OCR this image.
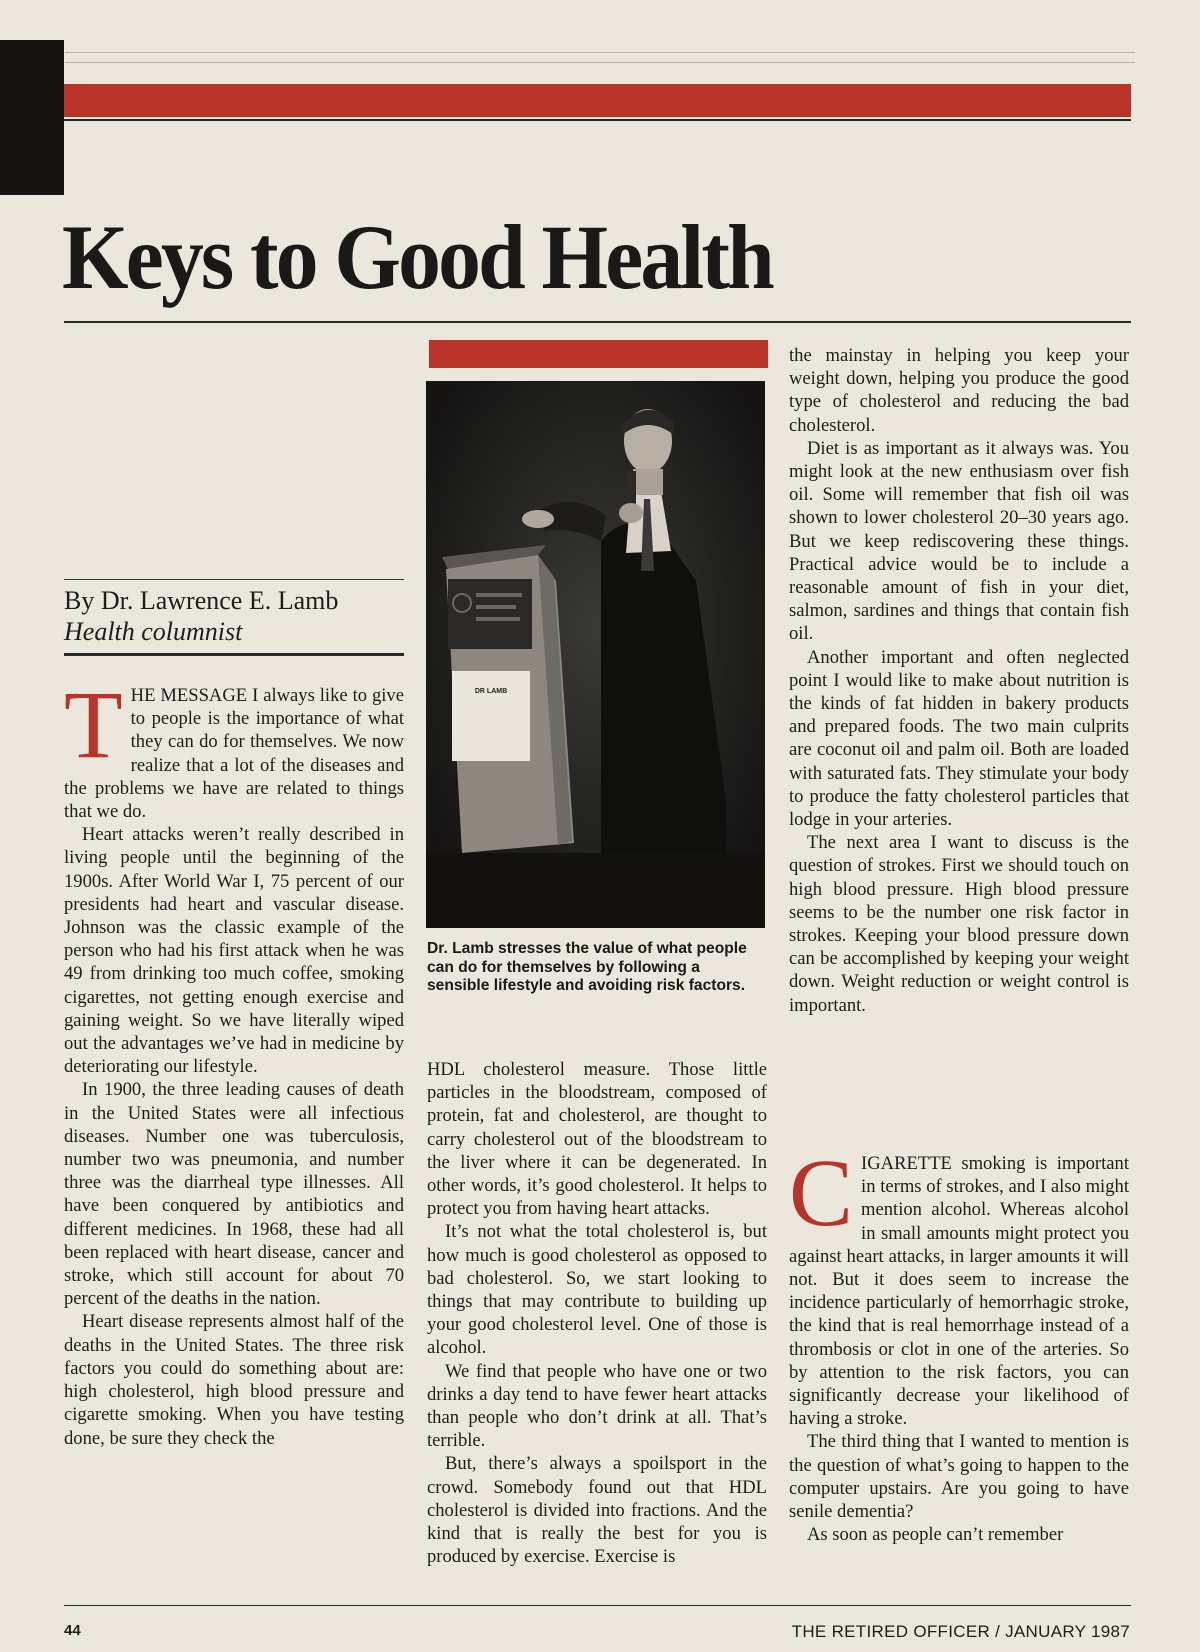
Keys to Good Health
By Dr. Lawrence E. Lamb
Health columnist

THE MESSAGE I always like to give to people is the importance of what they can do for themselves. We now realize that a lot of the diseases and the problems we have are related to things that we do.

Heart attacks weren’t really described in living people until the beginning of the 1900s. After World War I, 75 percent of our presidents had heart and vascular disease. Johnson was the classic example of the person who had his first attack when he was 49 from drinking too much coffee, smoking cigarettes, not getting enough exercise and gaining weight. So we have literally wiped out the advantages we’ve had in medicine by deteriorating our lifestyle.

In 1900, the three leading causes of death in the United States were all infectious diseases. Number one was tuberculosis, number two was pneumonia, and number three was the diarrheal type illnesses. All have been conquered by antibiotics and different medicines. In 1968, these had all been replaced with heart disease, cancer and stroke, which still account for about 70 percent of the deaths in the nation.

Heart disease represents almost half of the deaths in the United States. The three risk factors you could do something about are: high cholesterol, high blood pressure and cigarette smoking. When you have testing done, be sure they check the

DR LAMB
Dr. Lamb stresses the value of what people can do for themselves by following a sensible lifestyle and avoiding risk factors.

HDL cholesterol measure. Those little particles in the bloodstream, composed of protein, fat and cholesterol, are thought to carry cholesterol out of the bloodstream to the liver where it can be degenerated. In other words, it’s good cholesterol. It helps to protect you from having heart attacks.

It’s not what the total cholesterol is, but how much is good cholesterol as opposed to bad cholesterol. So, we start looking to things that may contribute to building up your good cholesterol level. One of those is alcohol.

We find that people who have one or two drinks a day tend to have fewer heart attacks than people who don’t drink at all. That’s terrible.

But, there’s always a spoilsport in the crowd. Somebody found out that HDL cholesterol is divided into fractions. And the kind that is really the best for you is produced by exercise. Exercise is

the mainstay in helping you keep your weight down, helping you produce the good type of cholesterol and reducing the bad cholesterol.

Diet is as important as it always was. You might look at the new enthusiasm over fish oil. Some will remember that fish oil was shown to lower cholesterol 20–30 years ago. But we keep rediscovering these things. Practical advice would be to include a reasonable amount of fish in your diet, salmon, sardines and things that contain fish oil.

Another important and often neglected point I would like to make about nutrition is the kinds of fat hidden in bakery products and prepared foods. The two main culprits are coconut oil and palm oil. Both are loaded with saturated fats. They stimulate your body to produce the fatty cholesterol particles that lodge in your arteries.

The next area I want to discuss is the question of strokes. First we should touch on high blood pressure. High blood pressure seems to be the number one risk factor in strokes. Keeping your blood pressure down can be accomplished by keeping your weight down. Weight reduction or weight control is important.

CIGARETTE smoking is important in terms of strokes, and I also might mention alcohol. Whereas alcohol in small amounts might protect you against heart attacks, in larger amounts it will not. But it does seem to increase the incidence particularly of hemorrhagic stroke, the kind that is real hemorrhage instead of a thrombosis or clot in one of the arteries. So by attention to the risk factors, you can significantly decrease your likelihood of having a stroke.

The third thing that I wanted to mention is the question of what’s going to happen to the computer upstairs. Are you going to have senile dementia?

As soon as people can’t remember

44	THE RETIRED OFFICER / JANUARY 1987
